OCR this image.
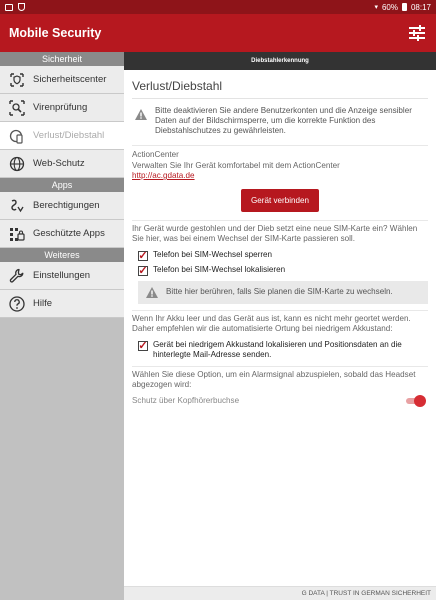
▾ 60% 08:17
Mobile Security
Sicherheit
Sicherheitscenter
Virenprüfung
Verlust/Diebstahl
Web-Schutz
Apps
Berechtigungen
Geschützte Apps
Weiteres
Einstellungen
Hilfe
Diebstahlerkennung
Verlust/Diebstahl
Bitte deaktivieren Sie andere Benutzerkonten und die Anzeige sensibler Daten auf der Bildschirmsperre, um die korrekte Funktion des Diebstahlschutzes zu gewährleisten.
ActionCenter
Verwalten Sie Ihr Gerät komfortabel mit dem ActionCenter
http://ac.gdata.de
Gerät verbinden
Ihr Gerät wurde gestohlen und der Dieb setzt eine neue SIM-Karte ein? Wählen Sie hier, was bei einem Wechsel der SIM-Karte passieren soll.
✓ Telefon bei SIM-Wechsel sperren
✓ Telefon bei SIM-Wechsel lokalisieren
Bitte hier berühren, falls Sie planen die SIM-Karte zu wechseln.
Wenn Ihr Akku leer und das Gerät aus ist, kann es nicht mehr geortet werden. Daher empfehlen wir die automatisierte Ortung bei niedrigem Akkustand:
✓ Gerät bei niedrigem Akkustand lokalisieren und Positionsdaten an die hinterlegte Mail-Adresse senden.
Wählen Sie diese Option, um ein Alarmsignal abzuspielen, sobald das Headset abgezogen wird:
Schutz über Kopfhörerbuchse
G DATA | TRUST IN GERMAN SICHERHEIT
